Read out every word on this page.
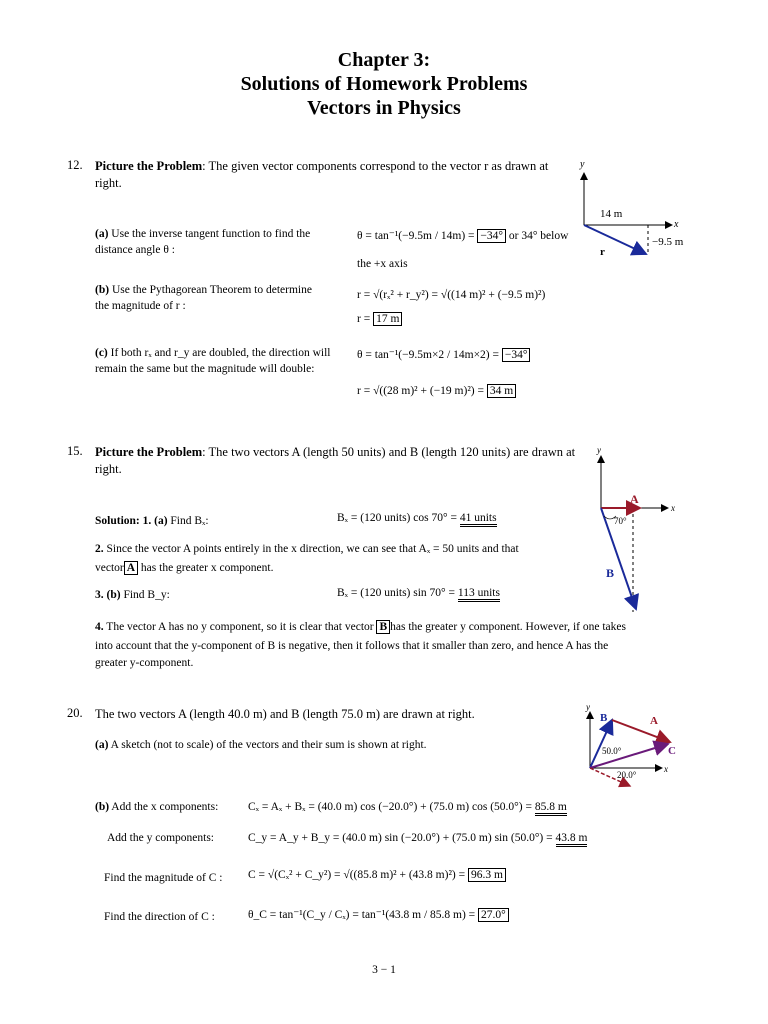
Chapter 3:
Solutions of Homework Problems
Vectors in Physics
12. Picture the Problem: The given vector components correspond to the vector r as drawn at right.
(a) Use the inverse tangent function to find the distance angle θ :
θ = tan⁻¹(−9.5m / 14m) = −34° or 34° below
the +x axis
(b) Use the Pythagorean Theorem to determine the magnitude of r :
r = √(rₓ² + r_y²) = √((14 m)² + (−9.5 m)²)
r = 17 m
(c) If both rₓ and r_y are doubled, the direction will remain the same but the magnitude will double:
θ = tan⁻¹(−9.5m×2 / 14m×2) = −34°
r = √((28 m)² + (−19 m)²) = 34 m
y
x
14 m
−9.5 m
r
15. Picture the Problem: The two vectors A (length 50 units) and B (length 120 units) are drawn at right.
Solution: 1. (a) Find Bₓ:	Bₓ = (120 units) cos 70° = 41 units
2. Since the vector A points entirely in the x direction, we can see that Aₓ = 50 units and that
vector A has the greater x component.
3. (b) Find B_y:	Bₓ = (120 units) sin 70° = 113 units
4. The vector A has no y component, so it is clear that vector B has the greater y component. However, if one takes
into account that the y-component of B is negative, then it follows that it smaller than zero, and hence A has the
greater y-component.
y
x
A
B
70°
20. The two vectors A (length 40.0 m) and B (length 75.0 m) are drawn at right.
(a) A sketch (not to scale) of the vectors and their sum is shown at right.
(b) Add the x components:	Cₓ = Aₓ + Bₓ = (40.0 m) cos (−20.0°) + (75.0 m) cos (50.0°) = 85.8 m
Add the y components:	C_y = A_y + B_y = (40.0 m) sin (−20.0°) + (75.0 m) sin (50.0°) = 43.8 m
Find the magnitude of C : C = √(Cₓ² + C_y²) = √((85.8 m)² + (43.8 m)²) = 96.3 m
Find the direction of C :	θ_C = tan⁻¹(C_y / Cₓ) = tan⁻¹(43.8 m / 85.8 m) = 27.0°
y
x
B	A
C
50.0°
20.0°
3 − 1
